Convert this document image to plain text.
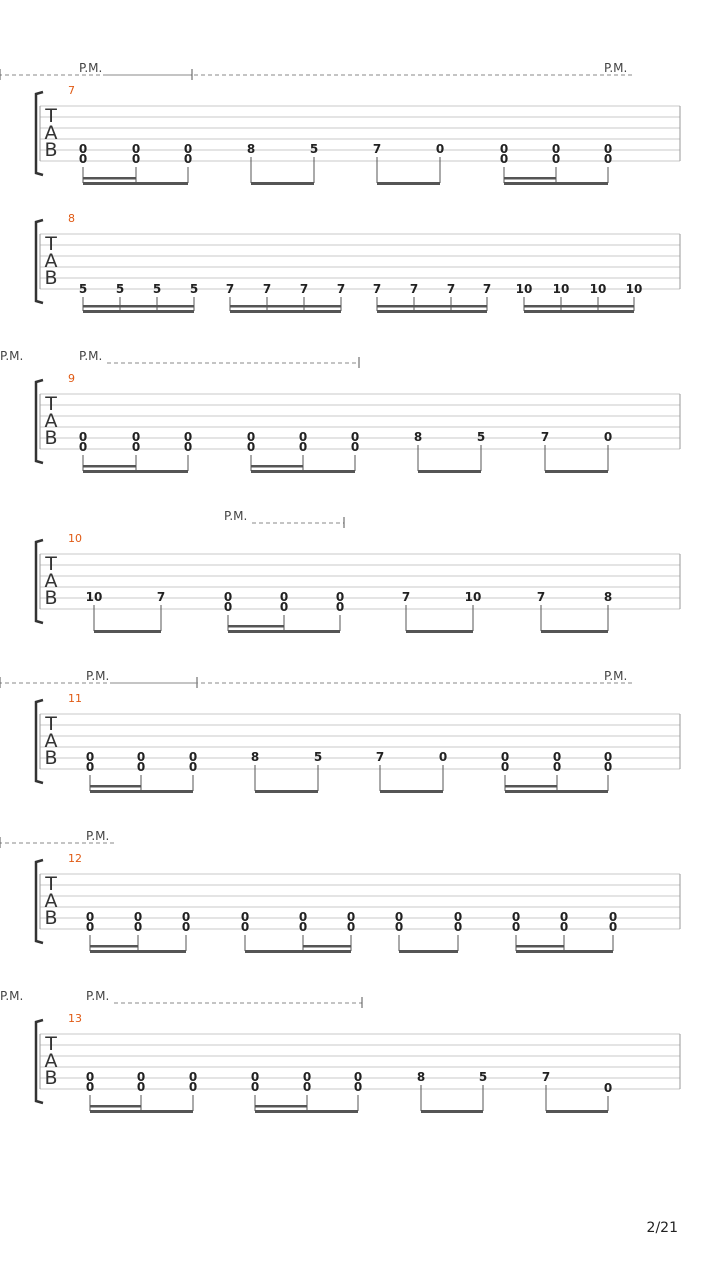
T
A
B
7
0
0
0
0
0
0
8	5	7	0	0
0
0
0
0
0
P.M.	P.M.
T
A
B
8
5 5 5 5 7 7 7 7 7 7 7 7 10 10 10 10
T
A
B
9
0
0
0
0
0
0
0
0
0
0
0
0
8	5	7	0
P.M.
P.M.
T
A
B
10
10	7	0
0
0
0
0
0
7	10	7	8
P.M.
T
A
B
11
0
0
0
0
0
0
8	5	7	0	0
0
0
0
0
0
P.M.	P.M.
T
A
B
12
0
0
0
0
0
0
0
0
0
0
0
0
0
0
0
0
0
0
0
0
0
0
P.M.
T
A
B
13
0
0
0
0
0
0
0
0
0
0
0
0
8	5	7
0
P.M.
P.M.
2/21
